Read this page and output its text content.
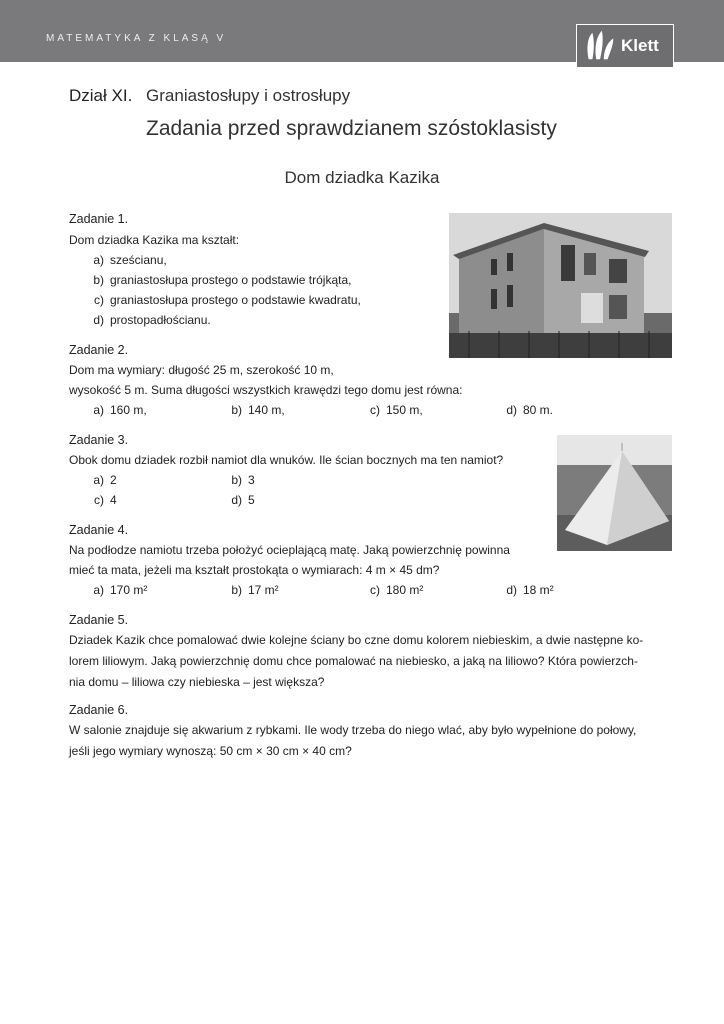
MATEMATYKA Z KLASĄ V	Klett
Dział XI. Graniastosłupy i ostrosłupy
Zadania przed sprawdzianem szóstoklasisty
Dom dziadka Kazika
Zadanie 1.
Dom dziadka Kazika ma kształt:
a) sześcianu,
b) graniastosłupa prostego o podstawie trójkąta,
c) graniastosłupa prostego o podstawie kwadratu,
d) prostopadłościanu.
Zadanie 2.
Dom ma wymiary: długość 25 m, szerokość 10 m,
wysokość 5 m. Suma długości wszystkich krawędzi tego domu jest równa:
a) 160 m,	b) 140 m,	c) 150 m,	d) 80 m.
Zadanie 3.
Obok domu dziadek rozbił namiot dla wnuków. Ile ścian bocznych ma ten namiot?
a) 2	b) 3
c) 4	d) 5
Zadanie 4.
Na podłodze namiotu trzeba położyć ocieplającą matę. Jaką powierzchnię powinna
mieć ta mata, jeżeli ma kształt prostokąta o wymiarach: 4 m × 45 dm?
a) 170 m²	b) 17 m²	c) 180 m²	d) 18 m²
Zadanie 5.
Dziadek Kazik chce pomalować dwie kolejne ściany bo czne domu kolorem niebieskim, a dwie następne ko-
lorem liliowym. Jaką powierzchnię domu chce pomalować na niebiesko, a jaką na liliowo? Która powierzch-
nia domu – liliowa czy niebieska – jest większa?
Zadanie 6.
W salonie znajduje się akwarium z rybkami. Ile wody trzeba do niego wlać, aby było wypełnione do połowy,
jeśli jego wymiary wynoszą: 50 cm × 30 cm × 40 cm?
